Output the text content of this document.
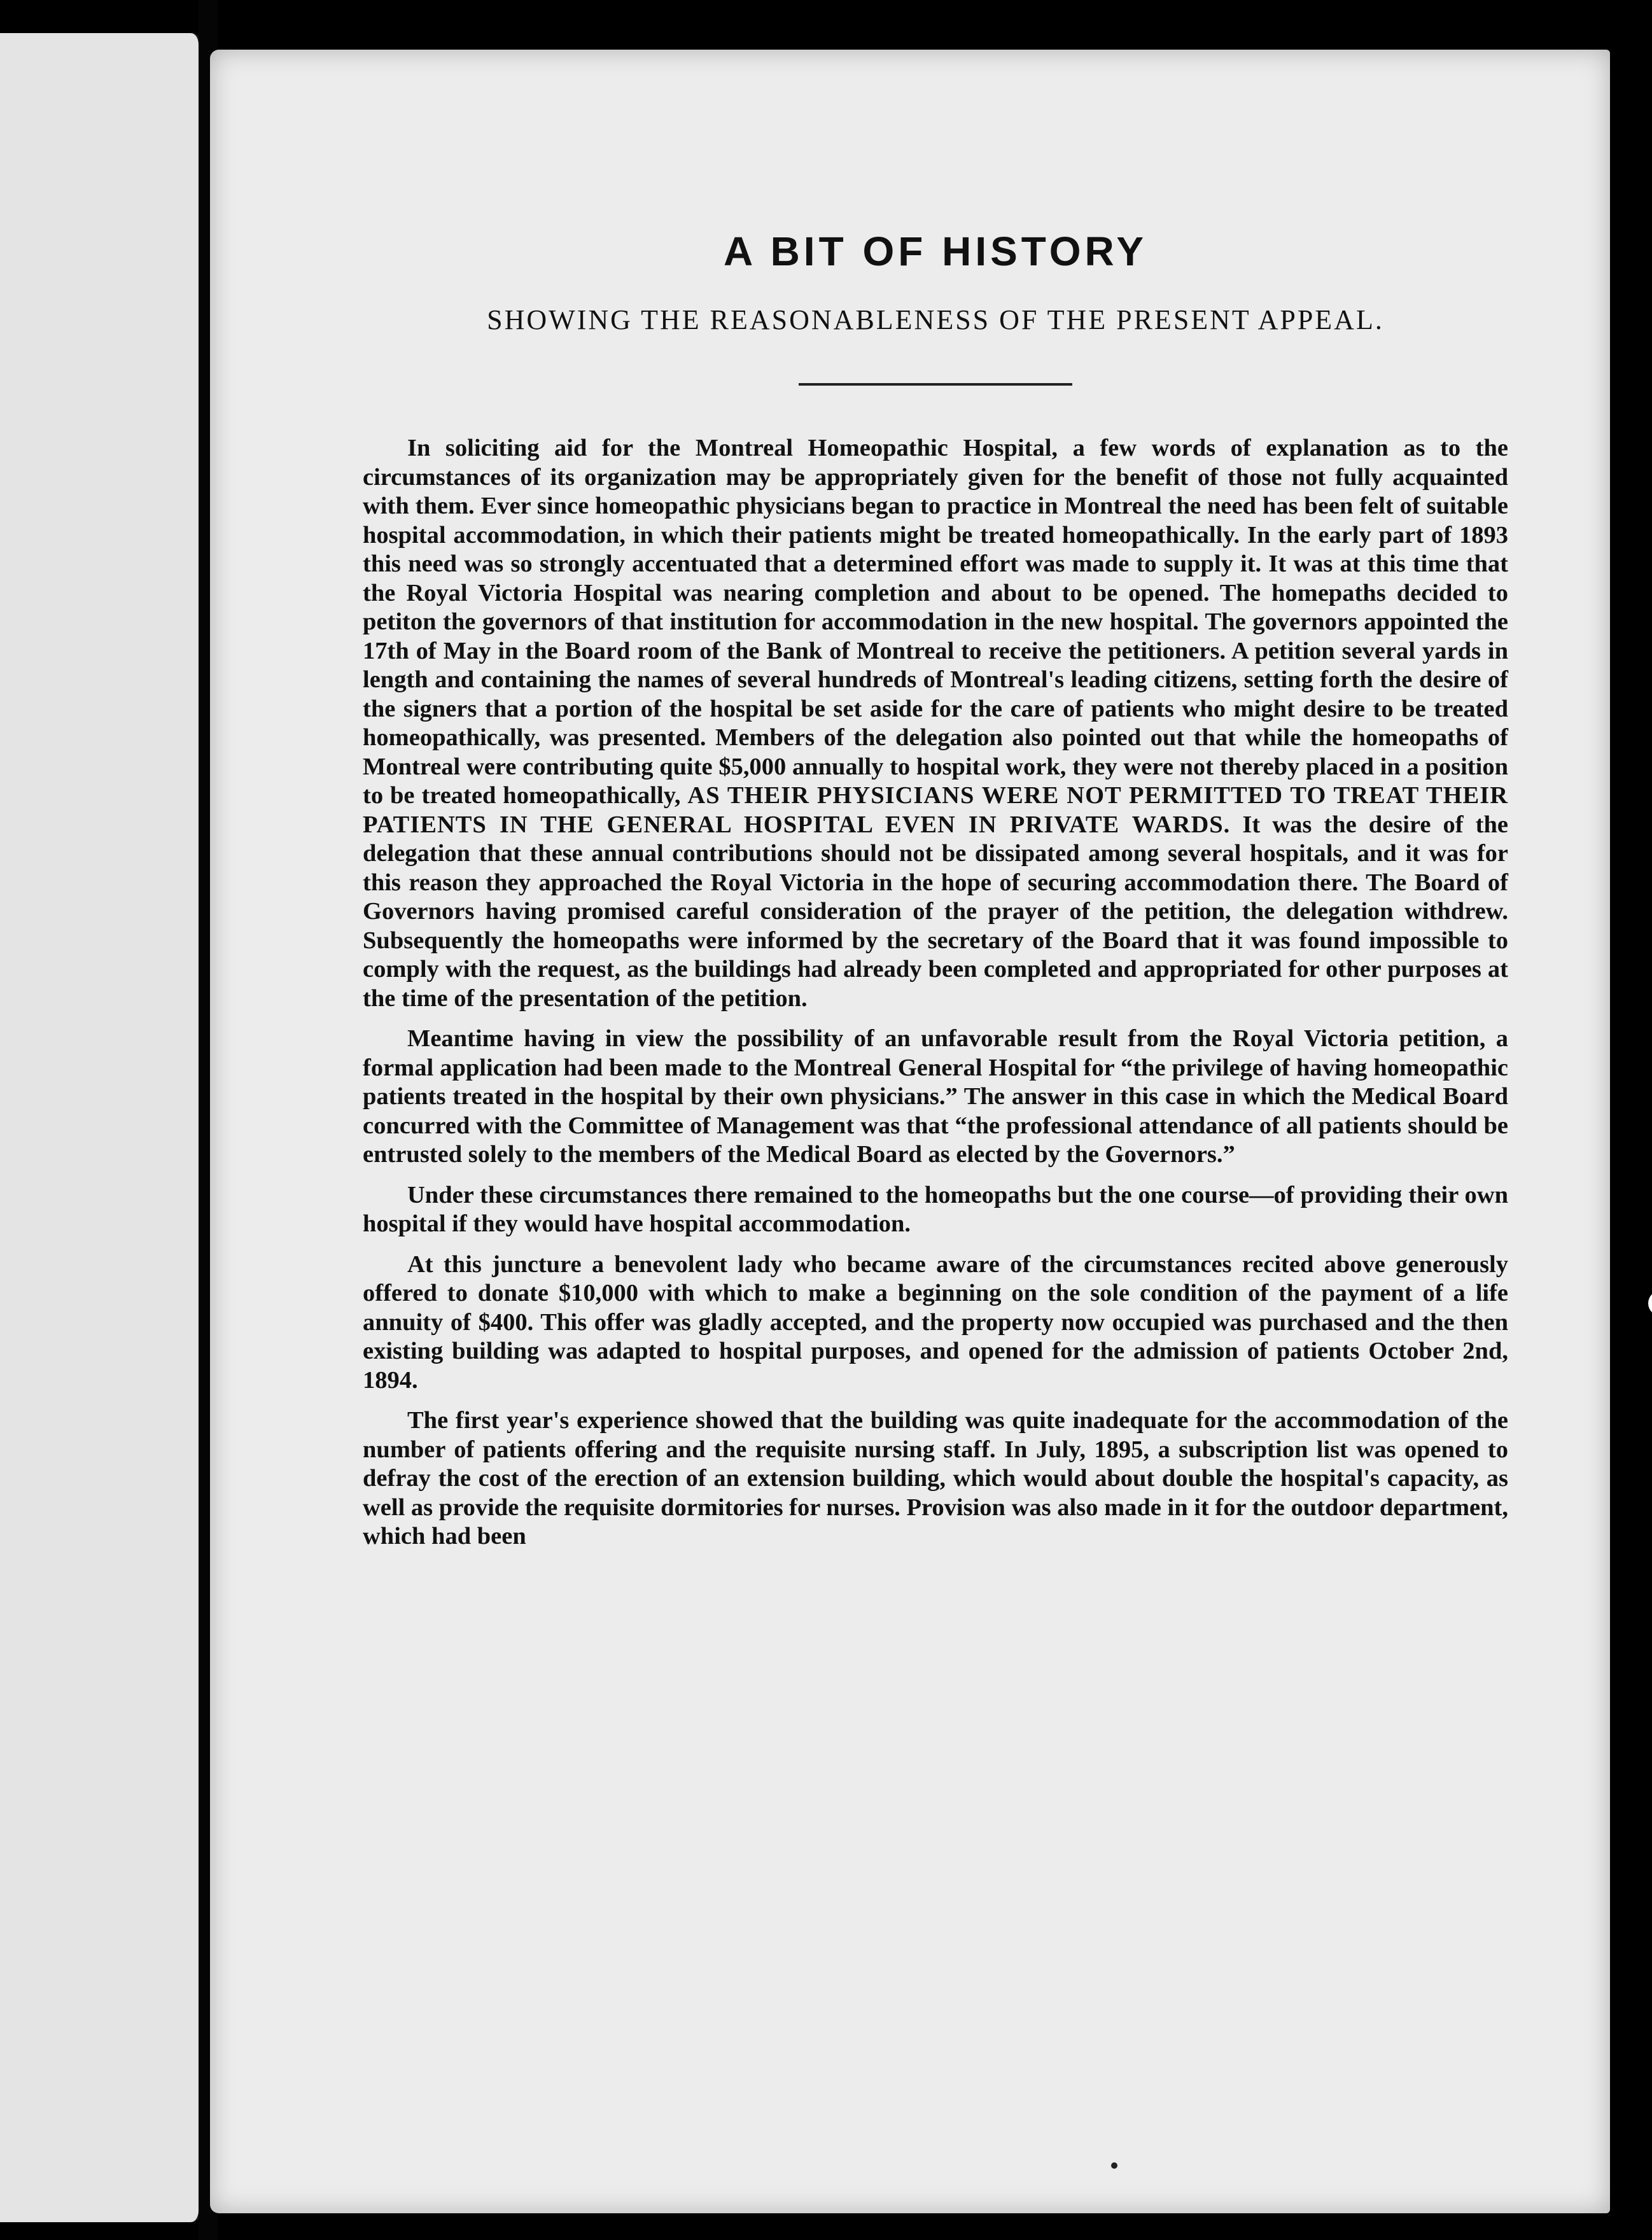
A BIT OF HISTORY
SHOWING THE REASONABLENESS OF THE PRESENT APPEAL.

In soliciting aid for the Montreal Homeopathic Hospital, a few words of explanation as to the circumstances of its organization may be appropriately given for the benefit of those not fully acquainted with them. Ever since homeopathic physicians began to practice in Montreal the need has been felt of suitable hospital accommodation, in which their patients might be treated homeopathically. In the early part of 1893 this need was so strongly accentuated that a determined effort was made to supply it. It was at this time that the Royal Victoria Hospital was nearing completion and about to be opened. The homepaths decided to petiton the governors of that institution for accommodation in the new hospital. The governors appointed the 17th of May in the Board room of the Bank of Montreal to receive the petitioners. A petition several yards in length and containing the names of several hundreds of Montreal's leading citizens, setting forth the desire of the signers that a portion of the hospital be set aside for the care of patients who might desire to be treated homeopathically, was presented. Members of the delegation also pointed out that while the homeopaths of Montreal were contributing quite $5,000 annually to hospital work, they were not thereby placed in a position to be treated homeopathically, AS THEIR PHYSICIANS WERE NOT PERMITTED TO TREAT THEIR PATIENTS IN THE GENERAL HOSPITAL EVEN IN PRIVATE WARDS. It was the desire of the delegation that these annual contributions should not be dissipated among several hospitals, and it was for this reason they approached the Royal Victoria in the hope of securing accommodation there. The Board of Governors having promised careful consideration of the prayer of the petition, the delegation withdrew. Subsequently the homeopaths were informed by the secretary of the Board that it was found impossible to comply with the request, as the buildings had already been completed and appropriated for other purposes at the time of the presentation of the petition.

Meantime having in view the possibility of an unfavorable result from the Royal Victoria petition, a formal application had been made to the Montreal General Hospital for “the privilege of having homeopathic patients treated in the hospital by their own physicians.” The answer in this case in which the Medical Board concurred with the Committee of Management was that “the professional attendance of all patients should be entrusted solely to the members of the Medical Board as elected by the Governors.”

Under these circumstances there remained to the homeopaths but the one course—of providing their own hospital if they would have hospital accommodation.

At this juncture a benevolent lady who became aware of the circumstances recited above generously offered to donate $10,000 with which to make a beginning on the sole condition of the payment of a life annuity of $400. This offer was gladly accepted, and the property now occupied was purchased and the then existing building was adapted to hospital purposes, and opened for the admission of patients October 2nd, 1894.

The first year's experience showed that the building was quite inadequate for the accommodation of the number of patients offering and the requisite nursing staff. In July, 1895, a subscription list was opened to defray the cost of the erection of an extension building, which would about double the hospital's capacity, as well as provide the requisite dormitories for nurses. Provision was also made in it for the outdoor department, which had been
